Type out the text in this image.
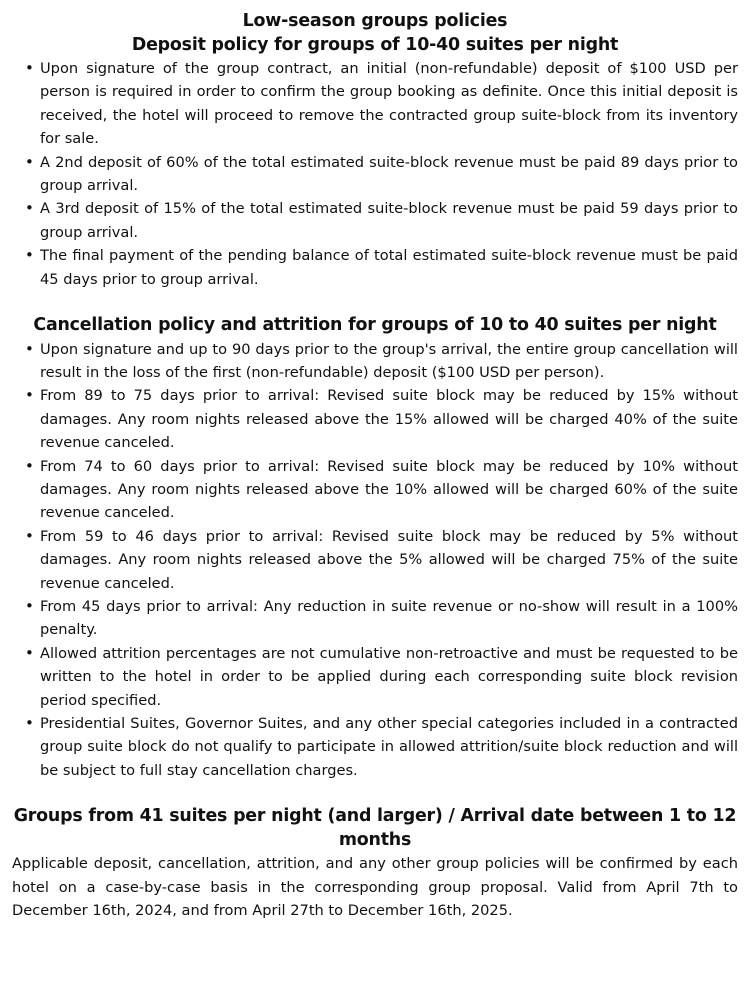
Low-season groups policies
Deposit policy for groups of 10-40 suites per night
• Upon signature of the group contract, an initial (non-refundable) deposit of $100 USD per person is required in order to confirm the group booking as definite. Once this initial deposit is received, the hotel will proceed to remove the contracted group suite-block from its inventory for sale.
• A 2nd deposit of 60% of the total estimated suite-block revenue must be paid 89 days prior to group arrival.
• A 3rd deposit of 15% of the total estimated suite-block revenue must be paid 59 days prior to group arrival.
• The final payment of the pending balance of total estimated suite-block revenue must be paid 45 days prior to group arrival.
Cancellation policy and attrition for groups of 10 to 40 suites per night
• Upon signature and up to 90 days prior to the group's arrival, the entire group cancellation will result in the loss of the first (non-refundable) deposit ($100 USD per person).
• From 89 to 75 days prior to arrival: Revised suite block may be reduced by 15% without damages. Any room nights released above the 15% allowed will be charged 40% of the suite revenue canceled.
• From 74 to 60 days prior to arrival: Revised suite block may be reduced by 10% without damages. Any room nights released above the 10% allowed will be charged 60% of the suite revenue canceled.
• From 59 to 46 days prior to arrival: Revised suite block may be reduced by 5% without damages. Any room nights released above the 5% allowed will be charged 75% of the suite revenue canceled.
• From 45 days prior to arrival: Any reduction in suite revenue or no-show will result in a 100% penalty.
• Allowed attrition percentages are not cumulative non-retroactive and must be requested to be written to the hotel in order to be applied during each corresponding suite block revision period specified.
• Presidential Suites, Governor Suites, and any other special categories included in a contracted group suite block do not qualify to participate in allowed attrition/suite block reduction and will be subject to full stay cancellation charges.
Groups from 41 suites per night (and larger) / Arrival date between 1 to 12 months

Applicable deposit, cancellation, attrition, and any other group policies will be confirmed by each hotel on a case-by-case basis in the corresponding group proposal. Valid from April 7th to December 16th, 2024, and from April 27th to December 16th, 2025.
